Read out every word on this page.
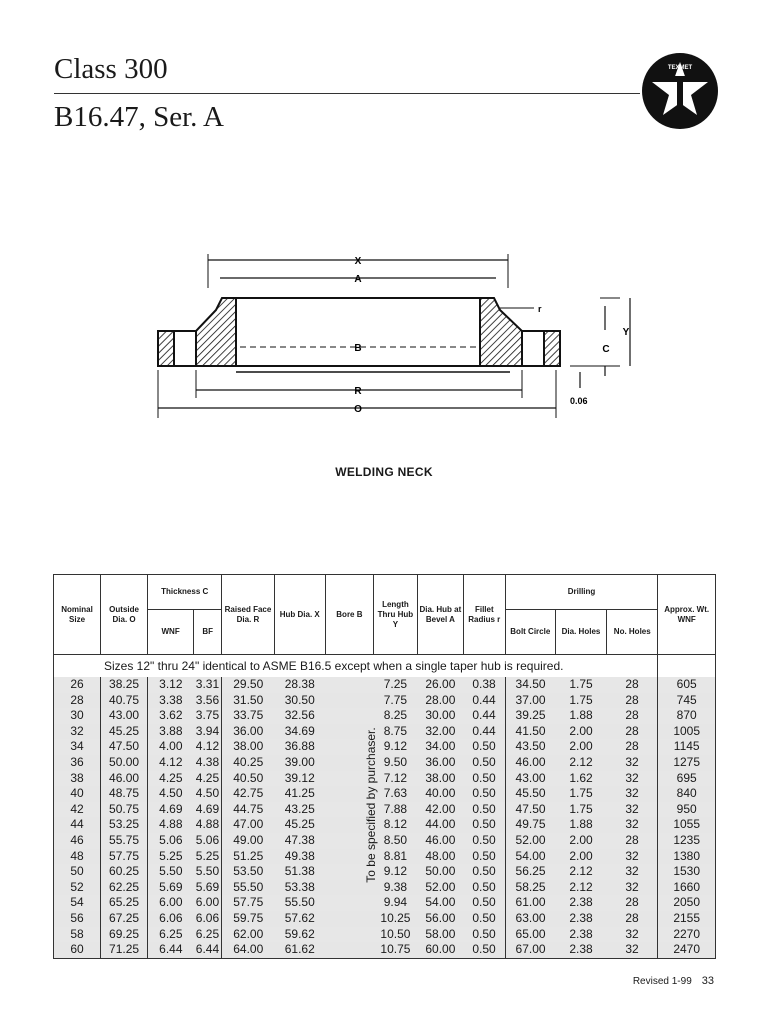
Class 300
B16.47, Ser. A
TEXMET
X
A
B
R
O
Y
C
r
0.06
WELDING NECK
Nominal Size	Outside Dia. O	Thickness C		Raised Face Dia. R	Hub Dia. X	Bore B	Length Thru Hub Y	Dia. Hub at Bevel A	Fillet Radius r	Drilling			Approx. Wt. WNF
		WNF	BF							Bolt Circle	Dia. Holes	No. Holes	
Sizes 12" thru 24" identical to ASME B16.5 except when a single taper hub is required.													
26	38.25	3.12	3.31	29.50	28.38		7.25	26.00	0.38	34.50	1.75	28	605
28	40.75	3.38	3.56	31.50	30.50		7.75	28.00	0.44	37.00	1.75	28	745
30	43.00	3.62	3.75	33.75	32.56		8.25	30.00	0.44	39.25	1.88	28	870
32	45.25	3.88	3.94	36.00	34.69		8.75	32.00	0.44	41.50	2.00	28	1005
34	47.50	4.00	4.12	38.00	36.88		9.12	34.00	0.50	43.50	2.00	28	1145
36	50.00	4.12	4.38	40.25	39.00		9.50	36.00	0.50	46.00	2.12	32	1275
38	46.00	4.25	4.25	40.50	39.12		7.12	38.00	0.50	43.00	1.62	32	695
40	48.75	4.50	4.50	42.75	41.25		7.63	40.00	0.50	45.50	1.75	32	840
42	50.75	4.69	4.69	44.75	43.25		7.88	42.00	0.50	47.50	1.75	32	950
44	53.25	4.88	4.88	47.00	45.25		8.12	44.00	0.50	49.75	1.88	32	1055
46	55.75	5.06	5.06	49.00	47.38		8.50	46.00	0.50	52.00	2.00	28	1235
48	57.75	5.25	5.25	51.25	49.38		8.81	48.00	0.50	54.00	2.00	32	1380
50	60.25	5.50	5.50	53.50	51.38		9.12	50.00	0.50	56.25	2.12	32	1530
52	62.25	5.69	5.69	55.50	53.38		9.38	52.00	0.50	58.25	2.12	32	1660
54	65.25	6.00	6.00	57.75	55.50		9.94	54.00	0.50	61.00	2.38	28	2050
56	67.25	6.06	6.06	59.75	57.62		10.25	56.00	0.50	63.00	2.38	28	2155
58	69.25	6.25	6.25	62.00	59.62		10.50	58.00	0.50	65.00	2.38	32	2270
60	71.25	6.44	6.44	64.00	61.62		10.75	60.00	0.50	67.00	2.38	32	2470
To be specified by purchaser.
Revised 1-99 33
